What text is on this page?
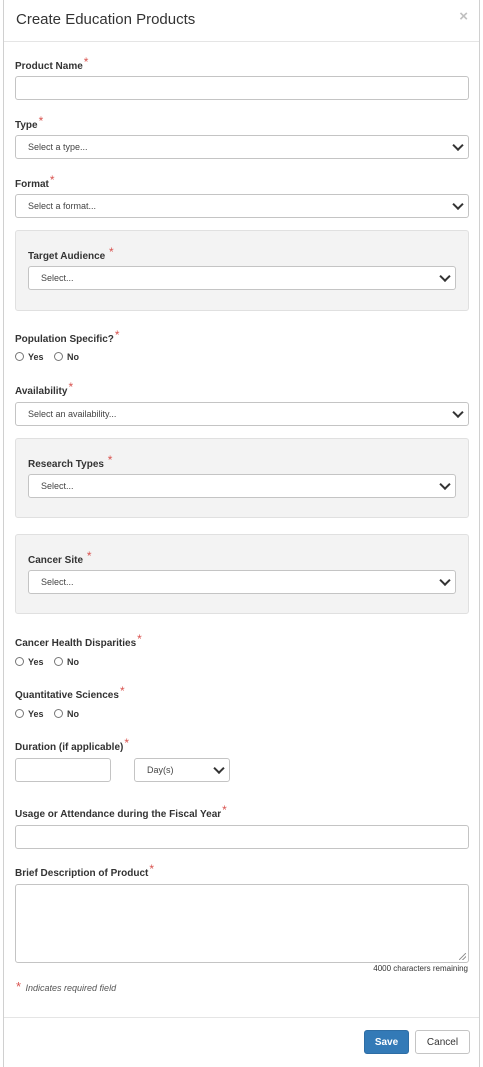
Create Education Products	×
Product Name*
Type*
Select a type...
Format*
Select a format...
Target Audience *
Select...
Population Specific?*
Yes	No
Availability*
Select an availability...
Research Types *
Select...
Cancer Site *
Select...
Cancer Health Disparities*
Yes	No
Quantitative Sciences*
Yes	No
Duration (if applicable)*
Day(s)
Usage or Attendance during the Fiscal Year*
Brief Description of Product*
4000 characters remaining
* Indicates required field
Save	Cancel
